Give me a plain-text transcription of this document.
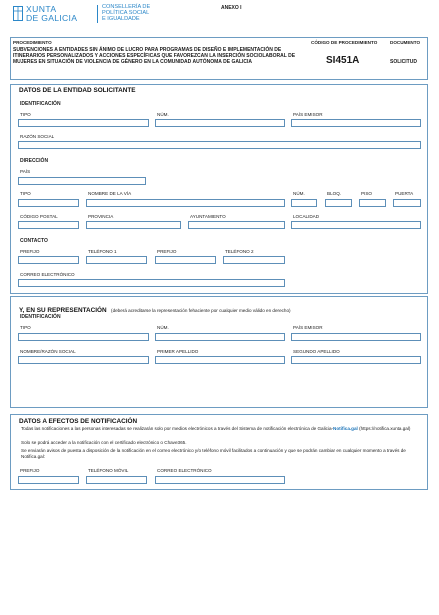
XUNTA
DE GALICIA
CONSELLERÍA DE
POLÍTICA SOCIAL
E IGUALDADE
ANEXO I
PROCEDIMIENTO
SUBVENCIONES A ENTIDADES SIN ÁNIMO DE LUCRO PARA PROGRAMAS DE DISEÑO E IMPLEMENTACIÓN DE ITINERARIOS PERSONALIZADOS Y ACCIONES ESPECÍFICAS QUE FAVOREZCAN LA INSERCIÓN SOCIOLABORAL DE MUJERES EN SITUACIÓN DE VIOLENCIA DE GÉNERO EN LA COMUNIDAD AUTÓNOMA DE GALICIA
CÓDIGO DE PROCEDIMIENTO
SI451A
DOCUMENTO
SOLICITUD
DATOS DE LA ENTIDAD SOLICITANTE
IDENTIFICACIÓN
TIPO	NÚM.	PAÍS EMISOR
RAZÓN SOCIAL
DIRECCIÓN
PAÍS
TIPO	NOMBRE DE LA VÍA	NÚM.	BLOQ.	PISO	PUERTA
CÓDIGO POSTAL	PROVINCIA	AYUNTAMIENTO	LOCALIDAD
CONTACTO
PREFIJO	TELÉFONO 1	PREFIJO	TELÉFONO 2
CORREO ELECTRÓNICO
Y, EN SU REPRESENTACIÓN (deberá acreditarse la representación fehaciente por cualquier medio válido en derecho)
IDENTIFICACIÓN
TIPO	NÚM.	PAÍS EMISOR
NOMBRE/RAZÓN SOCIAL	PRIMER APELLIDO	SEGUNDO APELLIDO
DATOS A EFECTOS DE NOTIFICACIÓN
Todas las notificaciones a las personas interesadas se realizarán solo por medios electrónicos a través del Sistema de notificación electrónica de Galicia-Notifica.gal (https://notifica.xunta.gal)
Solo se podrá acceder a la notificación con el certificado electrónico o Chave365.
Se enviarán avisos de puesta a disposición de la notificación en el correo electrónico y/o teléfono móvil facilitados a continuación y que se podrán cambiar en cualquier momento a través de Notifica.gal:
PREFIJO	TELÉFONO MÓVIL	CORREO ELECTRÓNICO
